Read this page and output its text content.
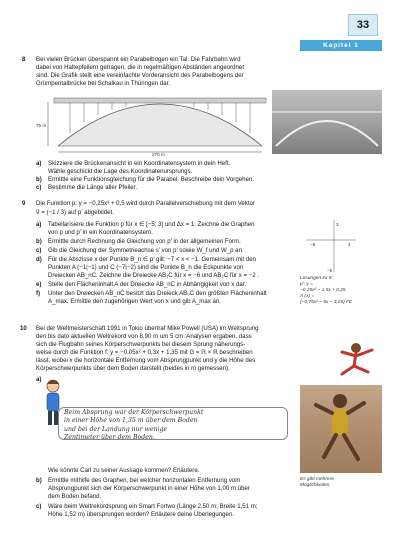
33
Kapitel 1
8 Bei vielen Brücken überspannt ein Parabelbogen ein Tal. Die Fahrbahn wird
dabei von Haltepfeilern getragen, die in regelmäßigen Abständen angeordnet
sind. Die Grafik stellt eine vereinfachte Vorderansicht des Parabelbogens der
Grümpentalbrücke bei Schalkau in Thüringen dar.
75 m
270 m
a) Skizziere die Brückenansicht in ein Koordinatensystem in dein Heft.
Wähle geschickt die Lage des Koordinatenursprungs.
b) Ermittle eine Funktionsgleichung für die Parabel. Beschreibe dein Vorgehen.
c) Bestimme die Länge aller Pfeiler.
9 Die Funktion p: y = −0,25x² + 0,5 wird durch Parallelverschiebung mit dem Vektor
v⃗ = (−1 / 3) auf p’ abgebildet.
a) Tabellarisiere die Funktion p für x ∈ [−5; 3] und Δx = 1. Zeichne die Graphen
von p und p’ in ein Koordinatensystem.
b) Ermittle durch Rechnung die Gleichung von p’ in der allgemeinen Form.
c) Gib die Gleichung der Symmetrieachse s’ von p’ sowie W_f und W_p an.
d) Für die Abszisse x der Punkte B_n ∈ p’ gilt: −7 < x < −1. Gemeinsam mit den
Punkten A (−1|−1) und C (−7|−2) sind die Punkte B_n die Eckpunkte von
Dreiecken AB_nC. Zeichne die Dreiecke AB₁C für x = −6 und AB₂C für x = −2 .
e) Stelle den Flächeninhalt A der Dreiecke AB_nC in Abhängigkeit von x dar.
f) Unter den Dreiecken AB_nC besitzt das Dreieck AB₀C den größten Flächeninhalt
A_max. Ermittle den zugehörigen Wert von x und gib A_max an.
3
−8	4
−5
Lösungen zu 9:
p’: y =
−0,25x² − 1,5x + 0,25
A (x) =
(−0,75x² − 5x − 3,25) FE
10 Bei der Weltmeisterschaft 1991 in Tokio übertraf Mike Powell (USA) im Weitsprung
den bis dato aktuellen Weltrekord von 8,90 m um 5 cm. Analysen ergaben, dass
sich die Flugbahn seines Körperschwerpunkts bei diesem Sprung näherungs-
weise durch die Funktion f: y = −0,05x² + 0,3x + 1,35 mit G = ℝ × ℝ beschreiben
lässt, wobei x die horizontale Entfernung vom Absprungpunkt und y die Höhe des
Körperschwerpunkts über dem Boden darstellt (beides in m gemessen).
a)
Beim Absprung war der Körperschwerpunkt
in einer Höhe von 1,35 m über dem Boden
und bei der Landung nur wenige
Zentimeter über dem Boden.
Wie könnte Carl zu seiner Aussage kommen? Erläutere.
b) Ermittle mithilfe des Graphen, bei welcher horizontalen Entfernung vom
Absprungpunkt sich der Körperschwerpunkt in einer Höhe von 1,00 m über
dem Boden befand.
c) Wäre beim Weltrekordsprung ein Smart Fortwo (Länge 2,50 m; Breite 1,51 m;
Höhe 1,52 m) übersprungen worden? Erläutere deine Überlegungen.
Es gibt mehrere
Möglichkeiten.
